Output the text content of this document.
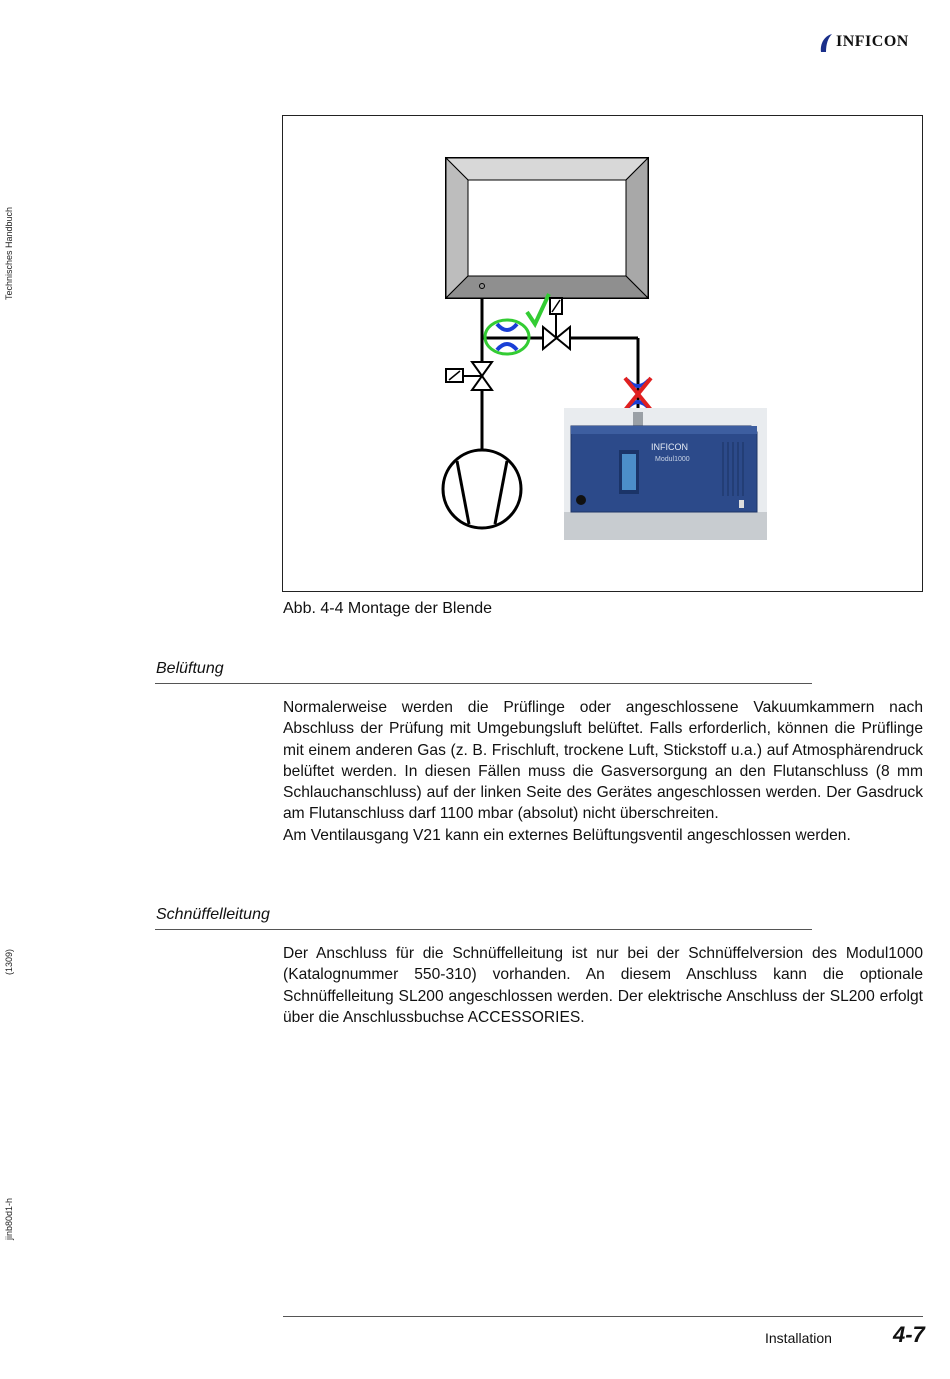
INFICON
Technisches Handbuch
(1309)
jinb80d1-h
INFICON
Modul1000
Abb. 4-4 Montage der Blende
Belüftung

Normalerweise werden die Prüflinge oder angeschlossene Vakuumkammern nach Abschluss der Prüfung mit Umgebungsluft belüftet. Falls erforderlich, können die Prüflinge mit einem anderen Gas (z. B. Frischluft, trockene Luft, Stickstoff u.a.) auf Atmosphärendruck belüftet werden. In diesen Fällen muss die Gasversorgung an den Flutanschluss (8 mm Schlauchanschluss) auf der linken Seite des Gerätes angeschlossen werden. Der Gasdruck am Flutanschluss darf 1100 mbar (absolut) nicht überschreiten.

Am Ventilausgang V21 kann ein externes Belüftungsventil angeschlossen werden.

Schnüffelleitung

Der Anschluss für die Schnüffelleitung ist nur bei der Schnüffelversion des Modul1000 (Katalognummer 550-310) vorhanden. An diesem Anschluss kann die optionale Schnüffelleitung SL200 angeschlossen werden. Der elektrische Anschluss der SL200 erfolgt über die Anschlussbuchse ACCESSORIES.

Installation	4-7
